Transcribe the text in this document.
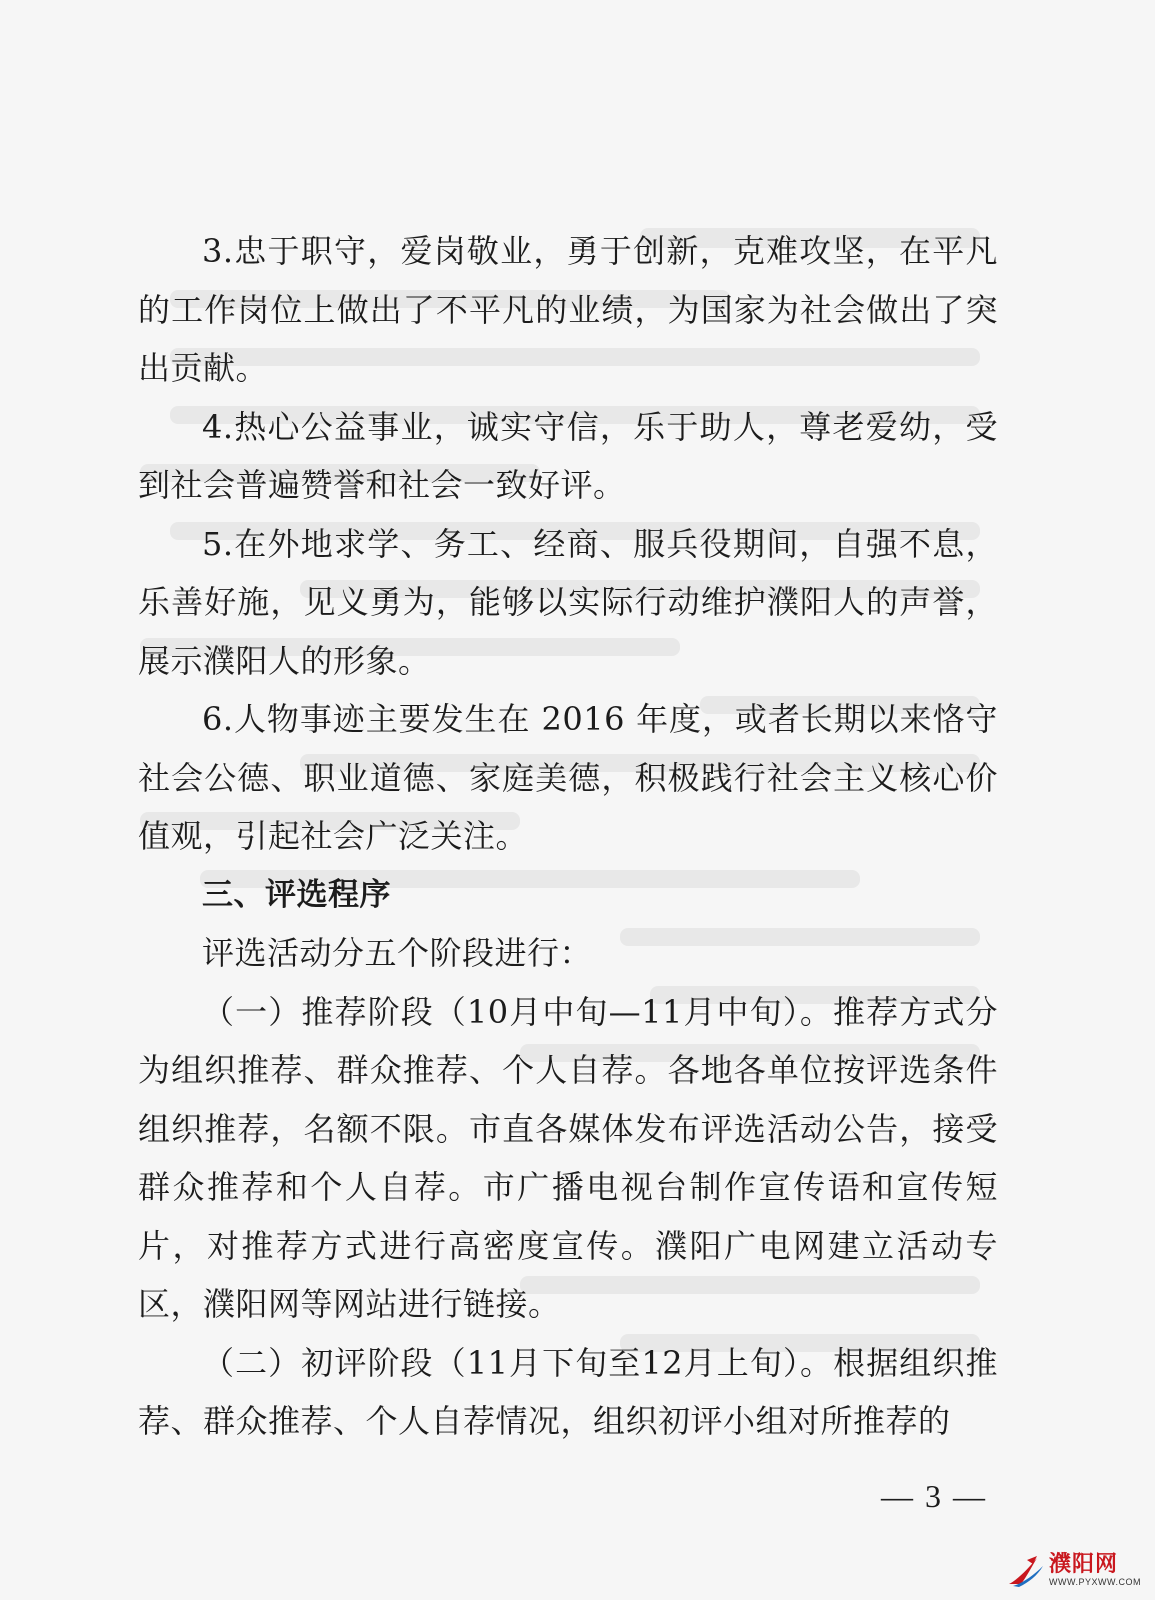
3.忠于职守，爱岗敬业，勇于创新，克难攻坚，在平凡的工作岗位上做出了不平凡的业绩，为国家为社会做出了突出贡献。

4.热心公益事业，诚实守信，乐于助人，尊老爱幼，受到社会普遍赞誉和社会一致好评。

5.在外地求学、务工、经商、服兵役期间，自强不息，乐善好施，见义勇为，能够以实际行动维护濮阳人的声誉，展示濮阳人的形象。

6.人物事迹主要发生在 2016 年度，或者长期以来恪守社会公德、职业道德、家庭美德，积极践行社会主义核心价值观，引起社会广泛关注。

三、评选程序

评选活动分五个阶段进行：

（一）推荐阶段（10月中旬—11月中旬）。推荐方式分为组织推荐、群众推荐、个人自荐。各地各单位按评选条件组织推荐，名额不限。市直各媒体发布评选活动公告，接受群众推荐和个人自荐。市广播电视台制作宣传语和宣传短片，对推荐方式进行高密度宣传。濮阳广电网建立活动专区，濮阳网等网站进行链接。

（二）初评阶段（11月下旬至12月上旬）。根据组织推荐、群众推荐、个人自荐情况，组织初评小组对所推荐的

— 3 —
濮阳网
WWW.PYXWW.COM
